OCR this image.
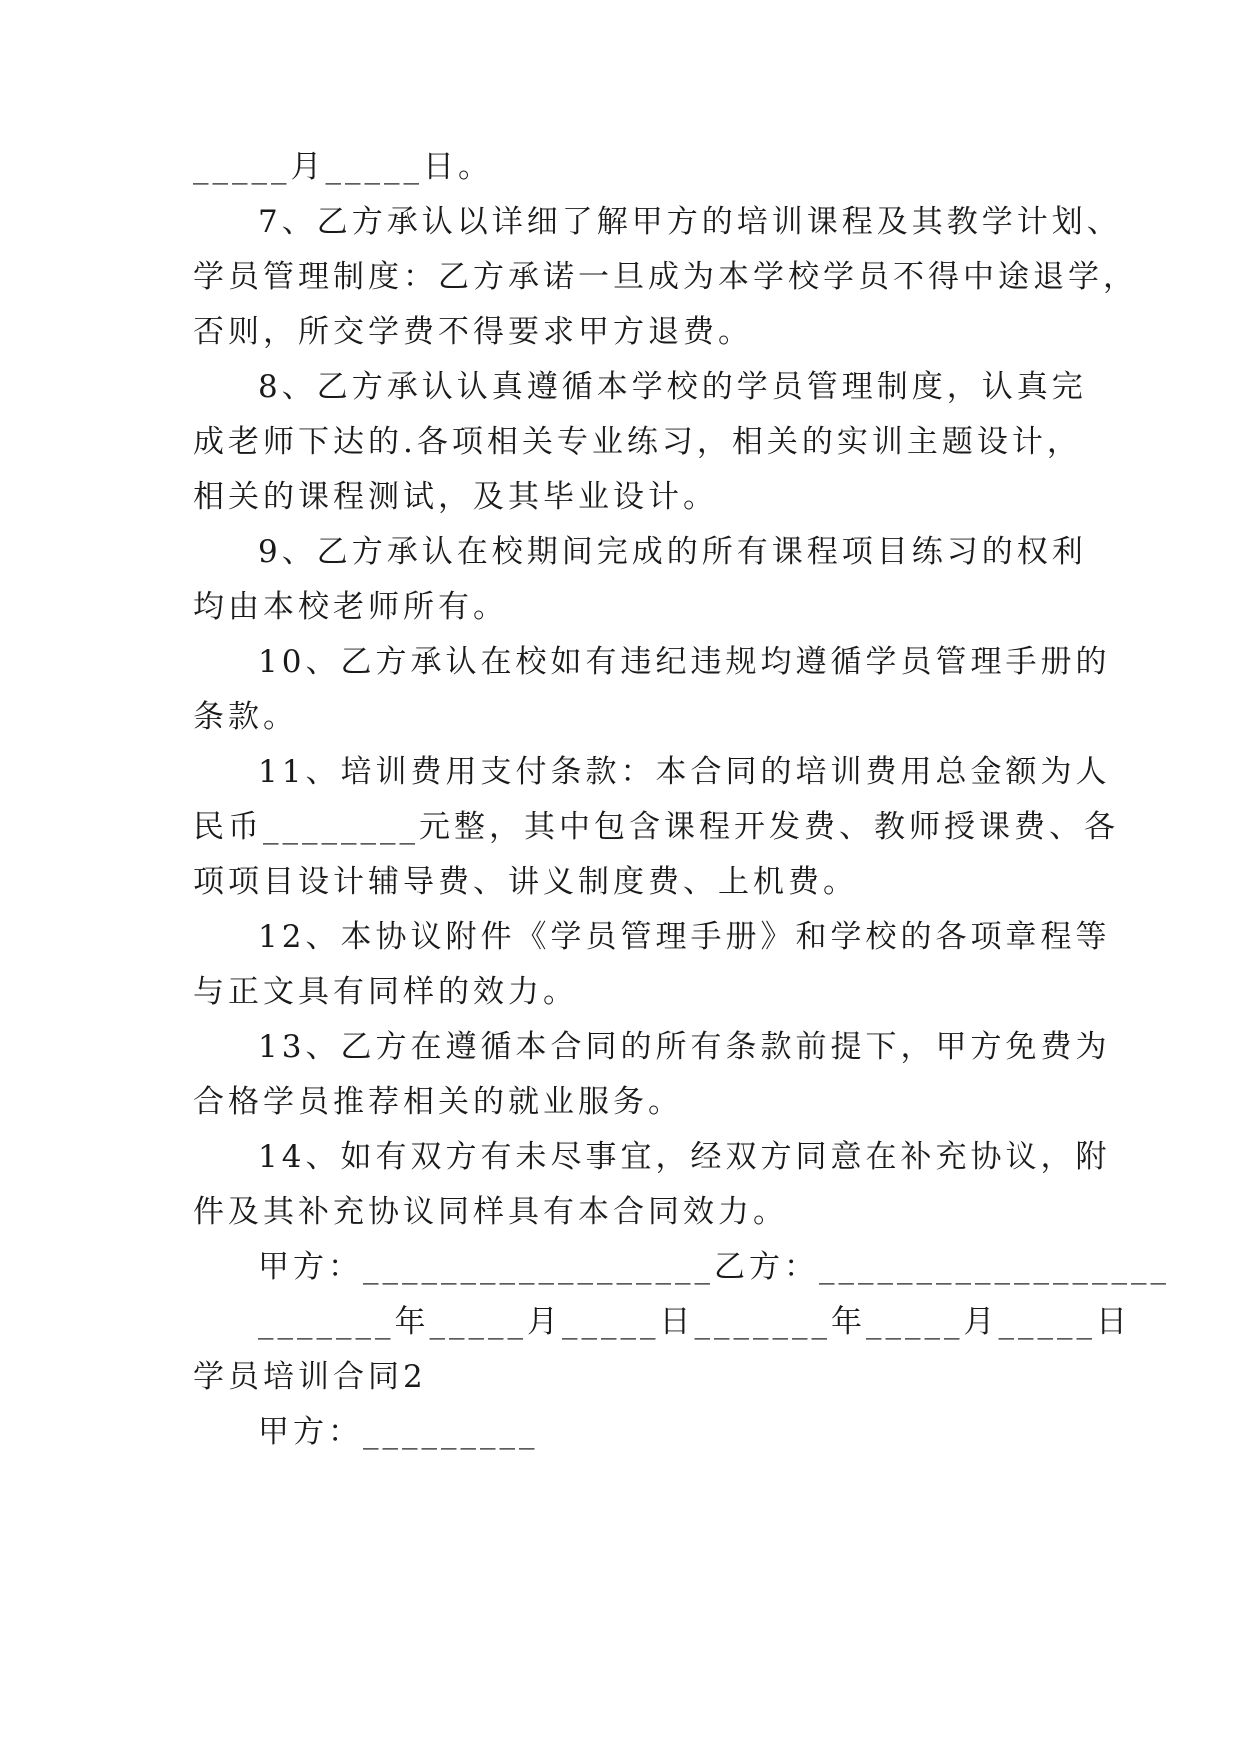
_____月_____日。
7、乙方承认以详细了解甲方的培训课程及其教学计划、
学员管理制度：乙方承诺一旦成为本学校学员不得中途退学，
否则，所交学费不得要求甲方退费。
8、乙方承认认真遵循本学校的学员管理制度，认真完
成老师下达的.各项相关专业练习，相关的实训主题设计，
相关的课程测试，及其毕业设计。
9、乙方承认在校期间完成的所有课程项目练习的权利
均由本校老师所有。
10、乙方承认在校如有违纪违规均遵循学员管理手册的
条款。
11、培训费用支付条款：本合同的培训费用总金额为人
民币________元整，其中包含课程开发费、教师授课费、各
项项目设计辅导费、讲义制度费、上机费。
12、本协议附件《学员管理手册》和学校的各项章程等
与正文具有同样的效力。
13、乙方在遵循本合同的所有条款前提下，甲方免费为
合格学员推荐相关的就业服务。
14、如有双方有未尽事宜，经双方同意在补充协议，附
件及其补充协议同样具有本合同效力。
甲方：__________________乙方：__________________
_______年_____月_____日_______年_____月_____日
学员培训合同2
甲方：_________
